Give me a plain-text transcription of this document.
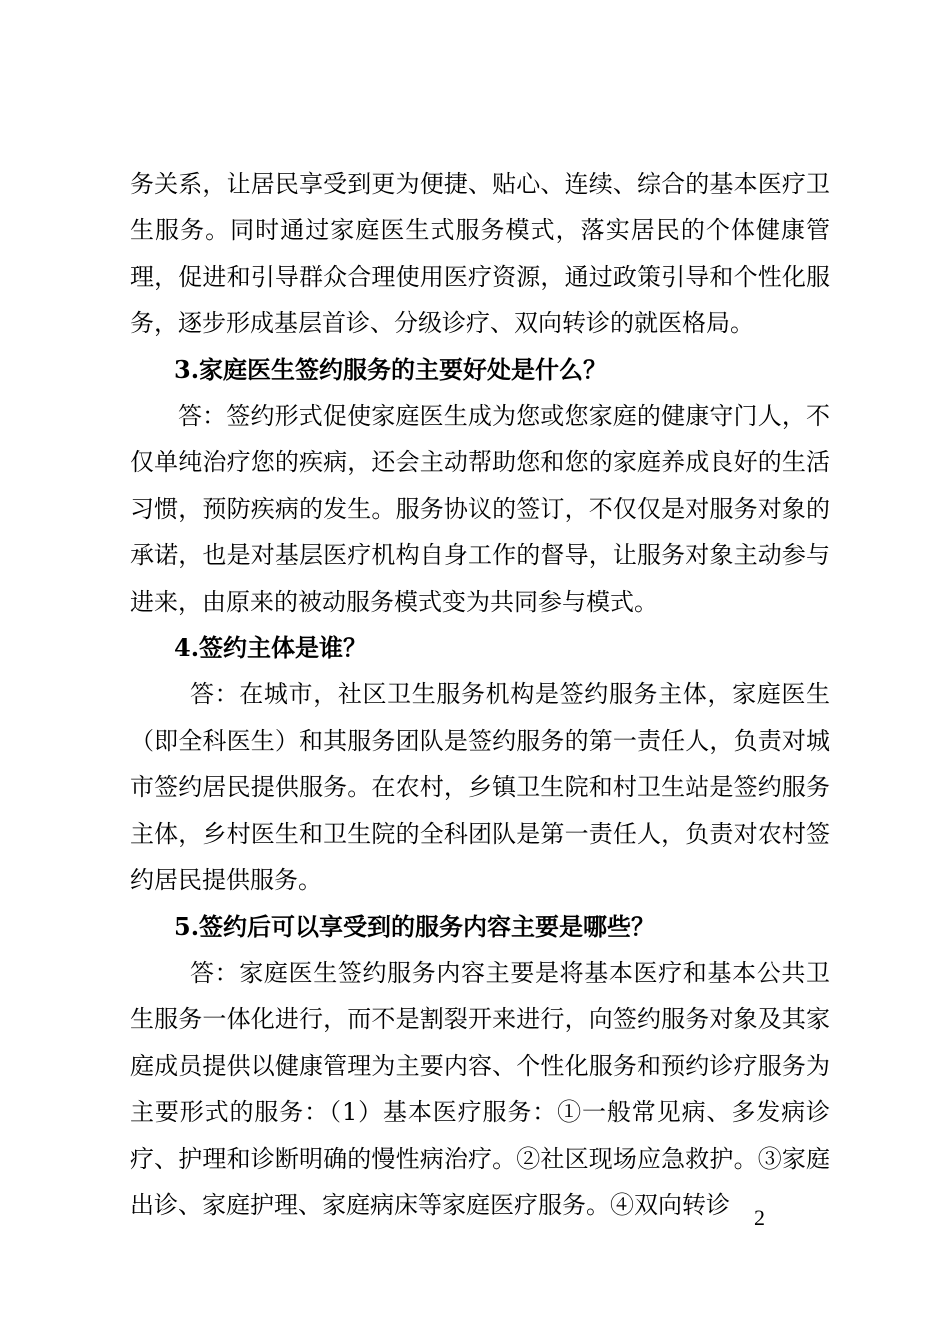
务关系，让居民享受到更为便捷、贴心、连续、综合的基本医疗卫生服务。同时通过家庭医生式服务模式，落实居民的个体健康管理，促进和引导群众合理使用医疗资源，通过政策引导和个性化服务，逐步形成基层首诊、分级诊疗、双向转诊的就医格局。

3.家庭医生签约服务的主要好处是什么？

答：签约形式促使家庭医生成为您或您家庭的健康守门人，不仅单纯治疗您的疾病，还会主动帮助您和您的家庭养成良好的生活习惯，预防疾病的发生。服务协议的签订，不仅仅是对服务对象的承诺，也是对基层医疗机构自身工作的督导，让服务对象主动参与进来，由原来的被动服务模式变为共同参与模式。

4.签约主体是谁？

答：在城市，社区卫生服务机构是签约服务主体，家庭医生（即全科医生）和其服务团队是签约服务的第一责任人，负责对城市签约居民提供服务。在农村，乡镇卫生院和村卫生站是签约服务主体，乡村医生和卫生院的全科团队是第一责任人，负责对农村签约居民提供服务。

5.签约后可以享受到的服务内容主要是哪些？

答：家庭医生签约服务内容主要是将基本医疗和基本公共卫生服务一体化进行，而不是割裂开来进行，向签约服务对象及其家庭成员提供以健康管理为主要内容、个性化服务和预约诊疗服务为主要形式的服务：（1）基本医疗服务：①一般常见病、多发病诊疗、护理和诊断明确的慢性病治疗。②社区现场应急救护。③家庭出诊、家庭护理、家庭病床等家庭医疗服务。④双向转诊	2
